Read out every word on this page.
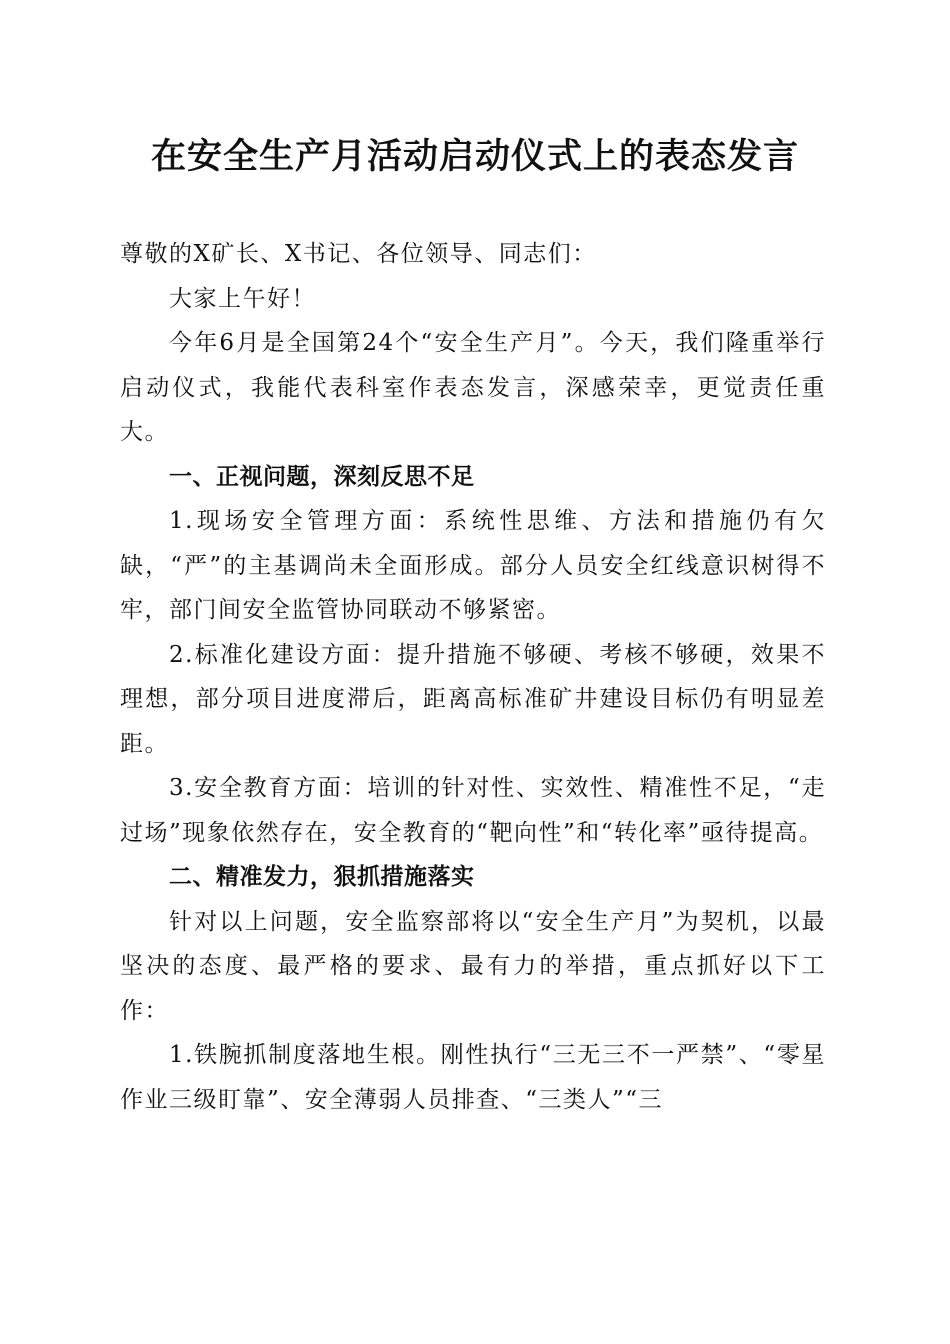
在安全生产月活动启动仪式上的表态发言

尊敬的X矿长、X书记、各位领导、同志们：

大家上午好！

今年6月是全国第24个“安全生产月”。今天，我们隆重举行启动仪式，我能代表科室作表态发言，深感荣幸，更觉责任重大。

一、正视问题，深刻反思不足

1.现场安全管理方面：系统性思维、方法和措施仍有欠缺，“严”的主基调尚未全面形成。部分人员安全红线意识树得不牢，部门间安全监管协同联动不够紧密。

2.标准化建设方面：提升措施不够硬、考核不够硬，效果不理想，部分项目进度滞后，距离高标准矿井建设目标仍有明显差距。

3.安全教育方面：培训的针对性、实效性、精准性不足，“走过场”现象依然存在，安全教育的“靶向性”和“转化率”亟待提高。

二、精准发力，狠抓措施落实

针对以上问题，安全监察部将以“安全生产月”为契机，以最坚决的态度、最严格的要求、最有力的举措，重点抓好以下工作：

1.铁腕抓制度落地生根。刚性执行“三无三不一严禁”、“零星作业三级盯靠”、安全薄弱人员排查、“三类人”“三
